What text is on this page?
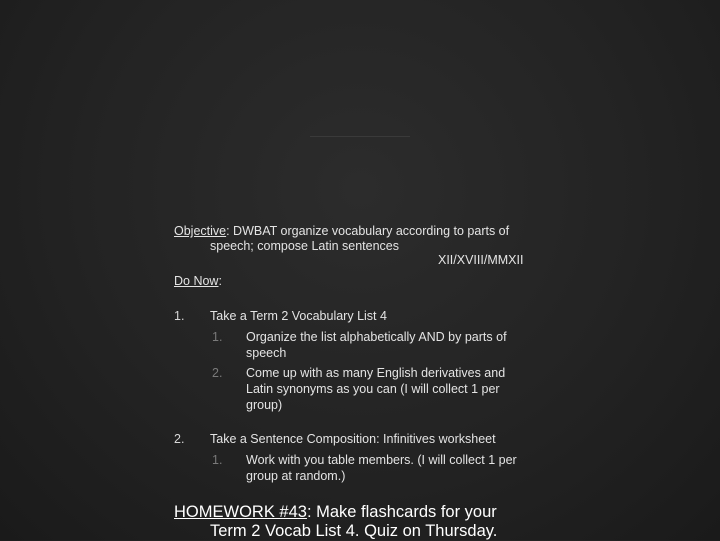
Objective: DWBAT organize vocabulary according to parts of
speech; compose Latin sentences
XII/XVIII/MMXII
Do Now:
1. Take a Term 2 Vocabulary List 4
1. Organize the list alphabetically AND by parts of
speech
2. Come up with as many English derivatives and
Latin synonyms as you can (I will collect 1 per
group)
2. Take a Sentence Composition: Infinitives worksheet
1. Work with you table members. (I will collect 1 per
group at random.)
HOMEWORK #43: Make flashcards for your
Term 2 Vocab List 4. Quiz on Thursday.
